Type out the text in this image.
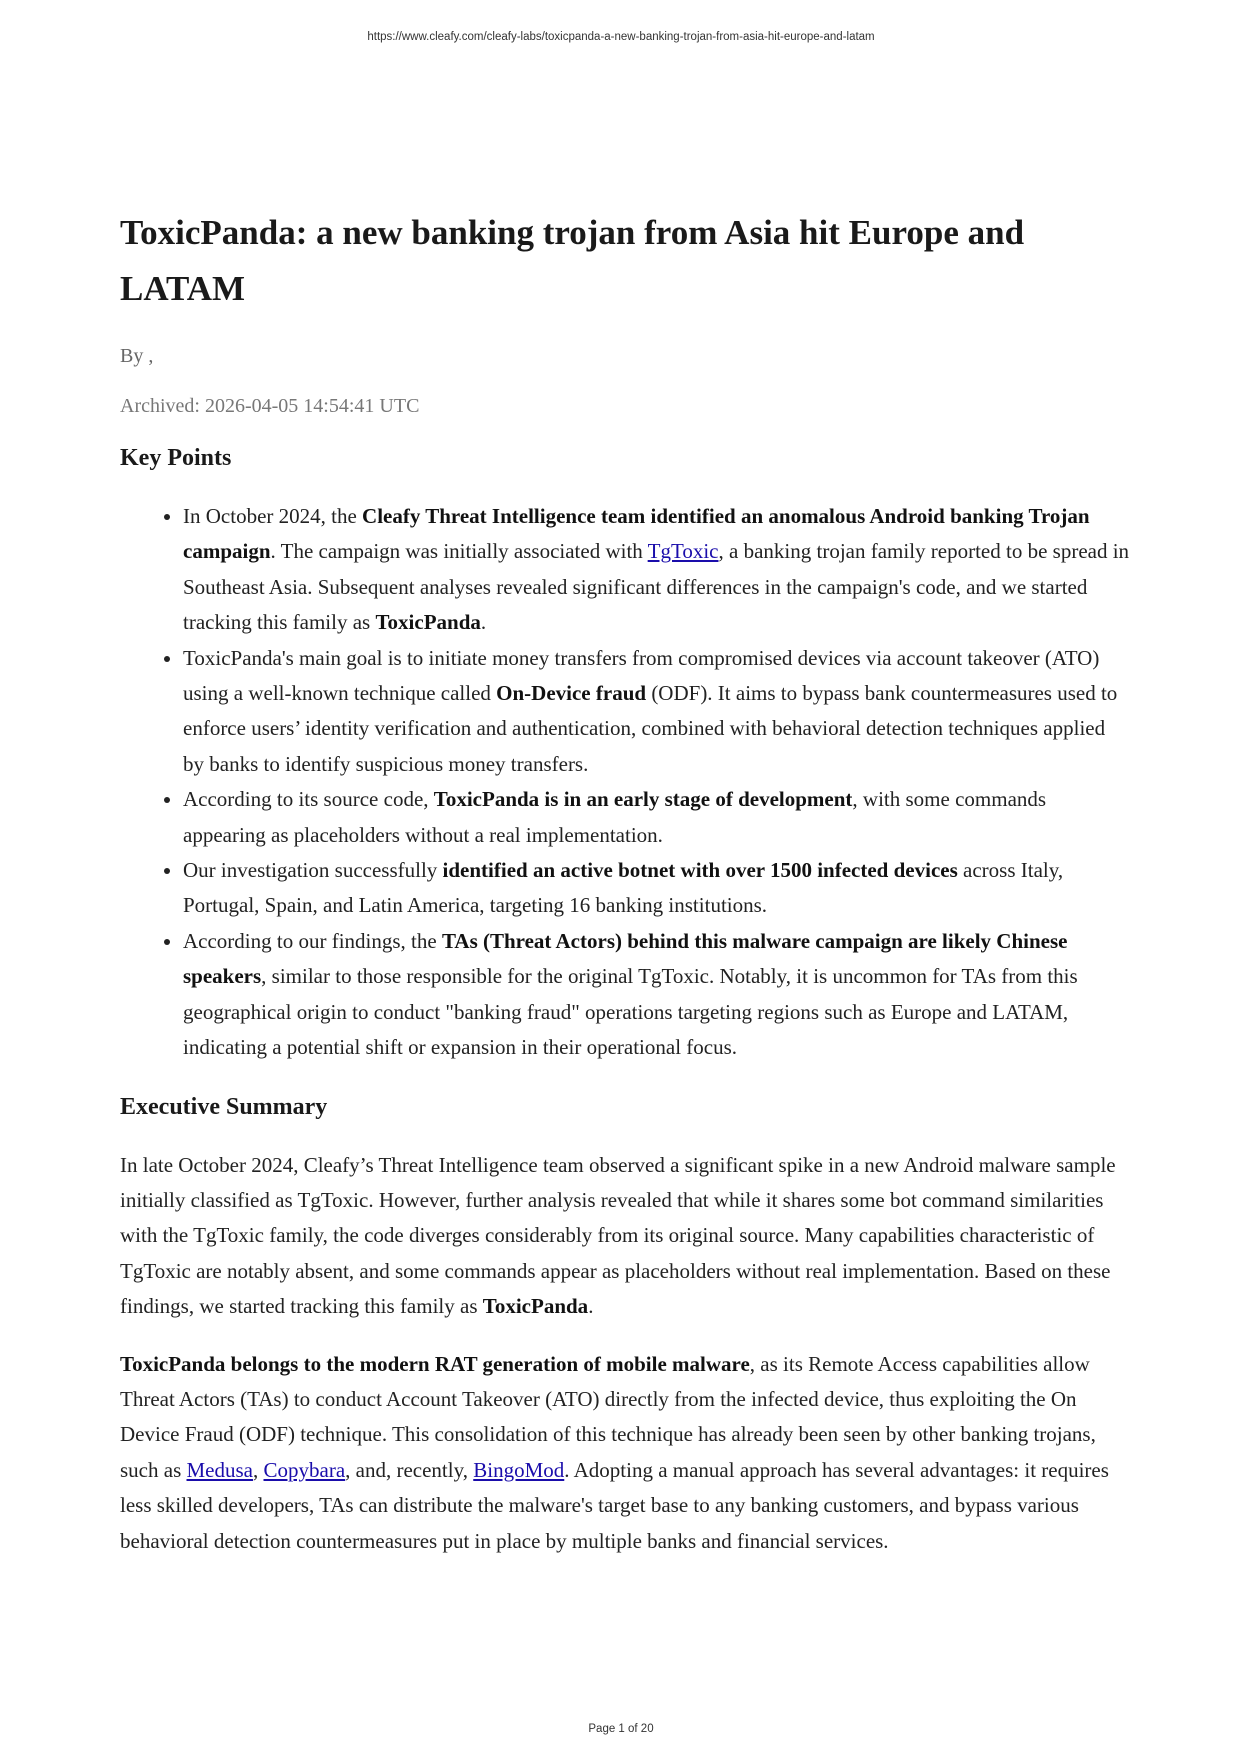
https://www.cleafy.com/cleafy-labs/toxicpanda-a-new-banking-trojan-from-asia-hit-europe-and-latam
ToxicPanda: a new banking trojan from Asia hit Europe and LATAM
By ,
Archived: 2026-04-05 14:54:41 UTC
Key Points
• In October 2024, the Cleafy Threat Intelligence team identified an anomalous Android banking Trojan campaign. The campaign was initially associated with TgToxic, a banking trojan family reported to be spread in Southeast Asia. Subsequent analyses revealed significant differences in the campaign's code, and we started tracking this family as ToxicPanda.
• ToxicPanda's main goal is to initiate money transfers from compromised devices via account takeover (ATO) using a well-known technique called On-Device fraud (ODF). It aims to bypass bank countermeasures used to enforce users’ identity verification and authentication, combined with behavioral detection techniques applied by banks to identify suspicious money transfers.
• According to its source code, ToxicPanda is in an early stage of development, with some commands appearing as placeholders without a real implementation.
• Our investigation successfully identified an active botnet with over 1500 infected devices across Italy, Portugal, Spain, and Latin America, targeting 16 banking institutions.
• According to our findings, the TAs (Threat Actors) behind this malware campaign are likely Chinese speakers, similar to those responsible for the original TgToxic. Notably, it is uncommon for TAs from this geographical origin to conduct "banking fraud" operations targeting regions such as Europe and LATAM, indicating a potential shift or expansion in their operational focus.
Executive Summary

In late October 2024, Cleafy’s Threat Intelligence team observed a significant spike in a new Android malware sample initially classified as TgToxic. However, further analysis revealed that while it shares some bot command similarities with the TgToxic family, the code diverges considerably from its original source. Many capabilities characteristic of TgToxic are notably absent, and some commands appear as placeholders without real implementation. Based on these findings, we started tracking this family as ToxicPanda.

ToxicPanda belongs to the modern RAT generation of mobile malware, as its Remote Access capabilities allow Threat Actors (TAs) to conduct Account Takeover (ATO) directly from the infected device, thus exploiting the On Device Fraud (ODF) technique. This consolidation of this technique has already been seen by other banking trojans, such as Medusa, Copybara, and, recently, BingoMod. Adopting a manual approach has several advantages: it requires less skilled developers, TAs can distribute the malware's target base to any banking customers, and bypass various behavioral detection countermeasures put in place by multiple banks and financial services.

Page 1 of 20
